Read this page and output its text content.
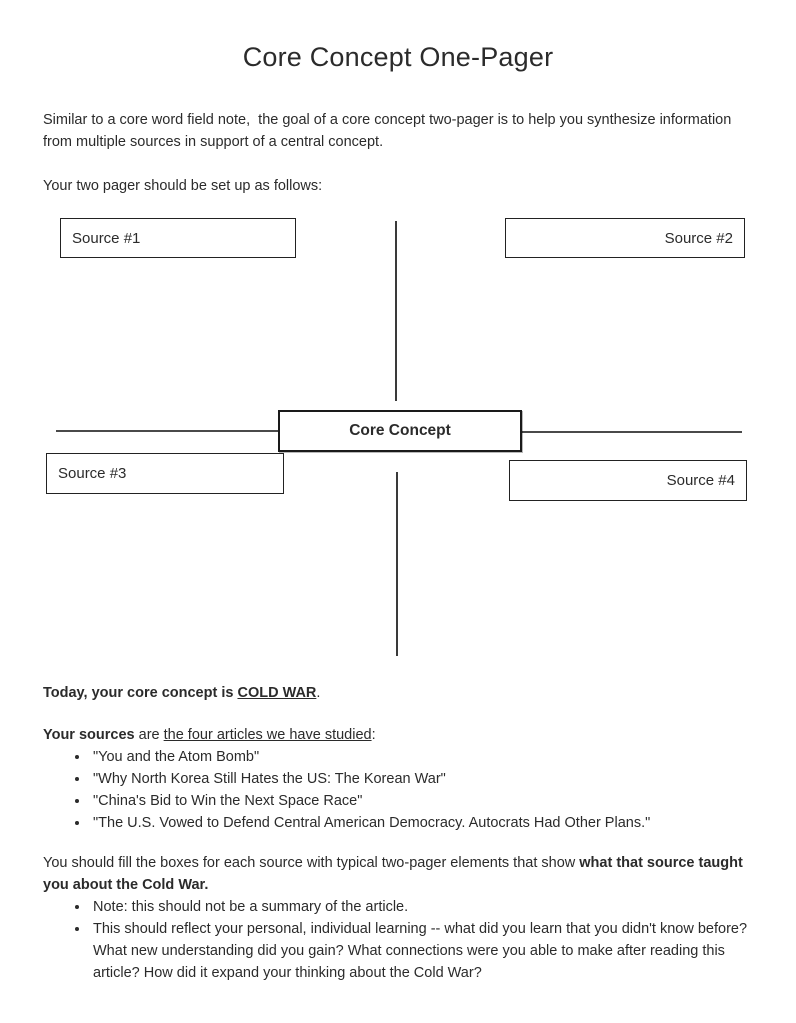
Core Concept One-Pager

Similar to a core word field note,  the goal of a core concept two-pager is to help you synthesize information from multiple sources in support of a central concept.

Your two pager should be set up as follows:

Source #1	Source #2
Source #3	Source #4
Core Concept

Today, your core concept is COLD WAR.

Your sources are the four articles we have studied:

• "You and the Atom Bomb"
• "Why North Korea Still Hates the US: The Korean War"
• "China's Bid to Win the Next Space Race"
• "The U.S. Vowed to Defend Central American Democracy. Autocrats Had Other Plans."

You should fill the boxes for each source with typical two-pager elements that show what that source taught you about the Cold War.

• Note: this should not be a summary of the article.
• This should reflect your personal, individual learning -- what did you learn that you didn't know before? What new understanding did you gain? What connections were you able to make after reading this article? How did it expand your thinking about the Cold War?
